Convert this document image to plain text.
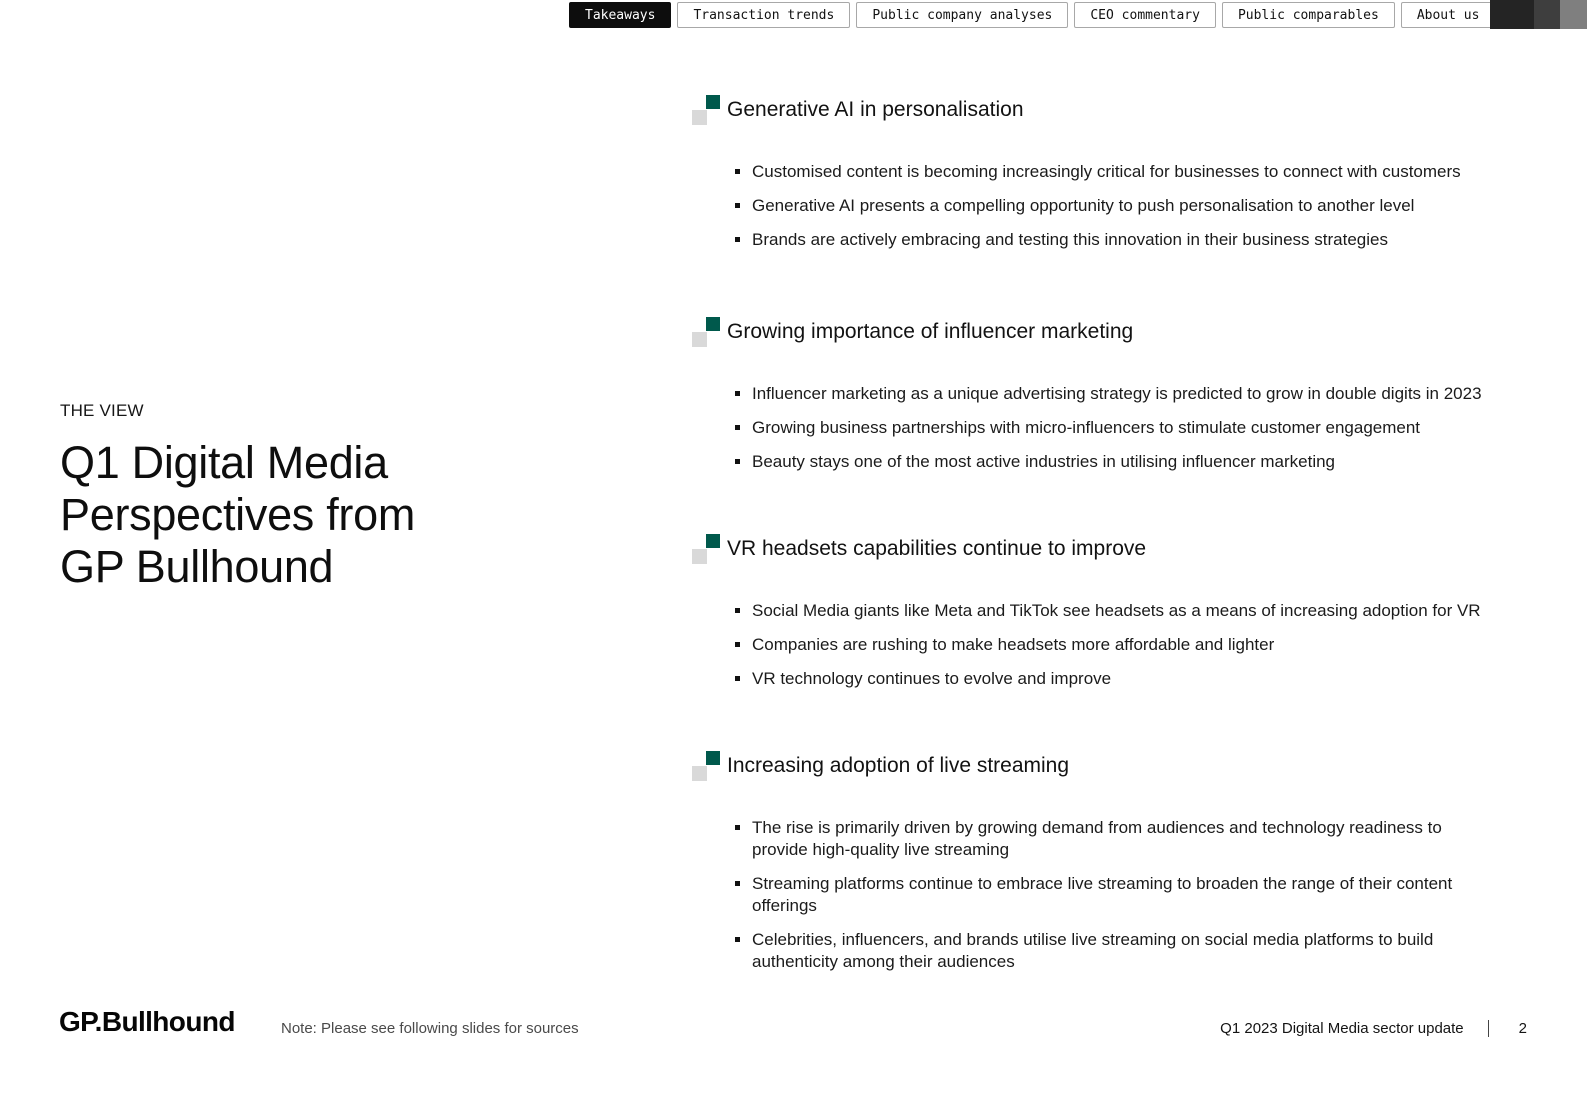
Takeaways	Transaction trends	Public company analyses	CEO commentary	Public comparables	About us
THE VIEW
Q1 Digital Media
Perspectives from
GP Bullhound
Generative AI in personalisation
Customised content is becoming increasingly critical for businesses to connect with customers
Generative AI presents a compelling opportunity to push personalisation to another level
Brands are actively embracing and testing this innovation in their business strategies
Growing importance of influencer marketing
Influencer marketing as a unique advertising strategy is predicted to grow in double digits in 2023
Growing business partnerships with micro-influencers to stimulate customer engagement
Beauty stays one of the most active industries in utilising influencer marketing
VR headsets capabilities continue to improve
Social Media giants like Meta and TikTok see headsets as a means of increasing adoption for VR
Companies are rushing to make headsets more affordable and lighter
VR technology continues to evolve and improve
Increasing adoption of live streaming
The rise is primarily driven by growing demand from audiences and technology readiness to provide high-quality live streaming
Streaming platforms continue to embrace live streaming to broaden the range of their content offerings
Celebrities, influencers, and brands utilise live streaming on social media platforms to build authenticity among their audiences
GP.Bullhound	Note: Please see following slides for sources	Q1 2023 Digital Media sector update	2
